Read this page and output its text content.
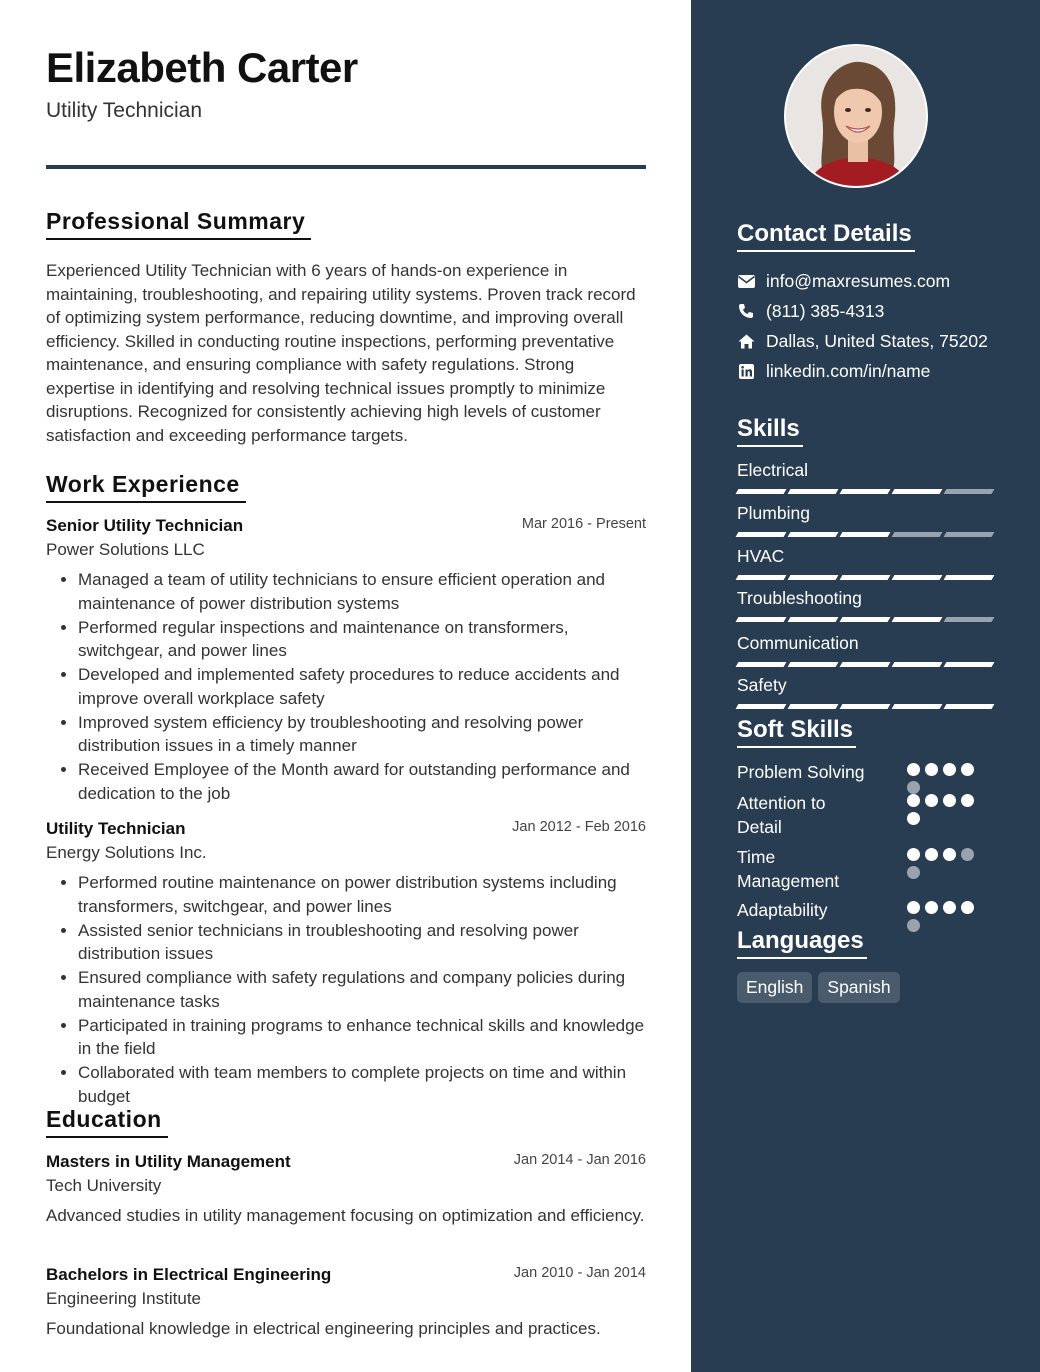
Elizabeth Carter
Utility Technician
Professional Summary
Experienced Utility Technician with 6 years of hands-on experience in maintaining, troubleshooting, and repairing utility systems. Proven track record of optimizing system performance, reducing downtime, and improving overall efficiency. Skilled in conducting routine inspections, performing preventative maintenance, and ensuring compliance with safety regulations. Strong expertise in identifying and resolving technical issues promptly to minimize disruptions. Recognized for consistently achieving high levels of customer satisfaction and exceeding performance targets.
Work Experience
Senior Utility Technician	Mar 2016 - Present
Power Solutions LLC
• Managed a team of utility technicians to ensure efficient operation and maintenance of power distribution systems
• Performed regular inspections and maintenance on transformers, switchgear, and power lines
• Developed and implemented safety procedures to reduce accidents and improve overall workplace safety
• Improved system efficiency by troubleshooting and resolving power distribution issues in a timely manner
• Received Employee of the Month award for outstanding performance and dedication to the job
Utility Technician	Jan 2012 - Feb 2016
Energy Solutions Inc.
• Performed routine maintenance on power distribution systems including transformers, switchgear, and power lines
• Assisted senior technicians in troubleshooting and resolving power distribution issues
• Ensured compliance with safety regulations and company policies during maintenance tasks
• Participated in training programs to enhance technical skills and knowledge in the field
• Collaborated with team members to complete projects on time and within budget
Education
Masters in Utility Management	Jan 2014 - Jan 2016
Tech University
Advanced studies in utility management focusing on optimization and efficiency.
Bachelors in Electrical Engineering	Jan 2010 - Jan 2014
Engineering Institute
Foundational knowledge in electrical engineering principles and practices.
Contact Details
info@maxresumes.com
(811) 385-4313
Dallas, United States, 75202
linkedin.com/in/name
Skills
Electrical
Plumbing
HVAC
Troubleshooting
Communication
Safety
Soft Skills
Problem Solving
Attention to Detail
Time Management
Adaptability
Languages
English	Spanish
